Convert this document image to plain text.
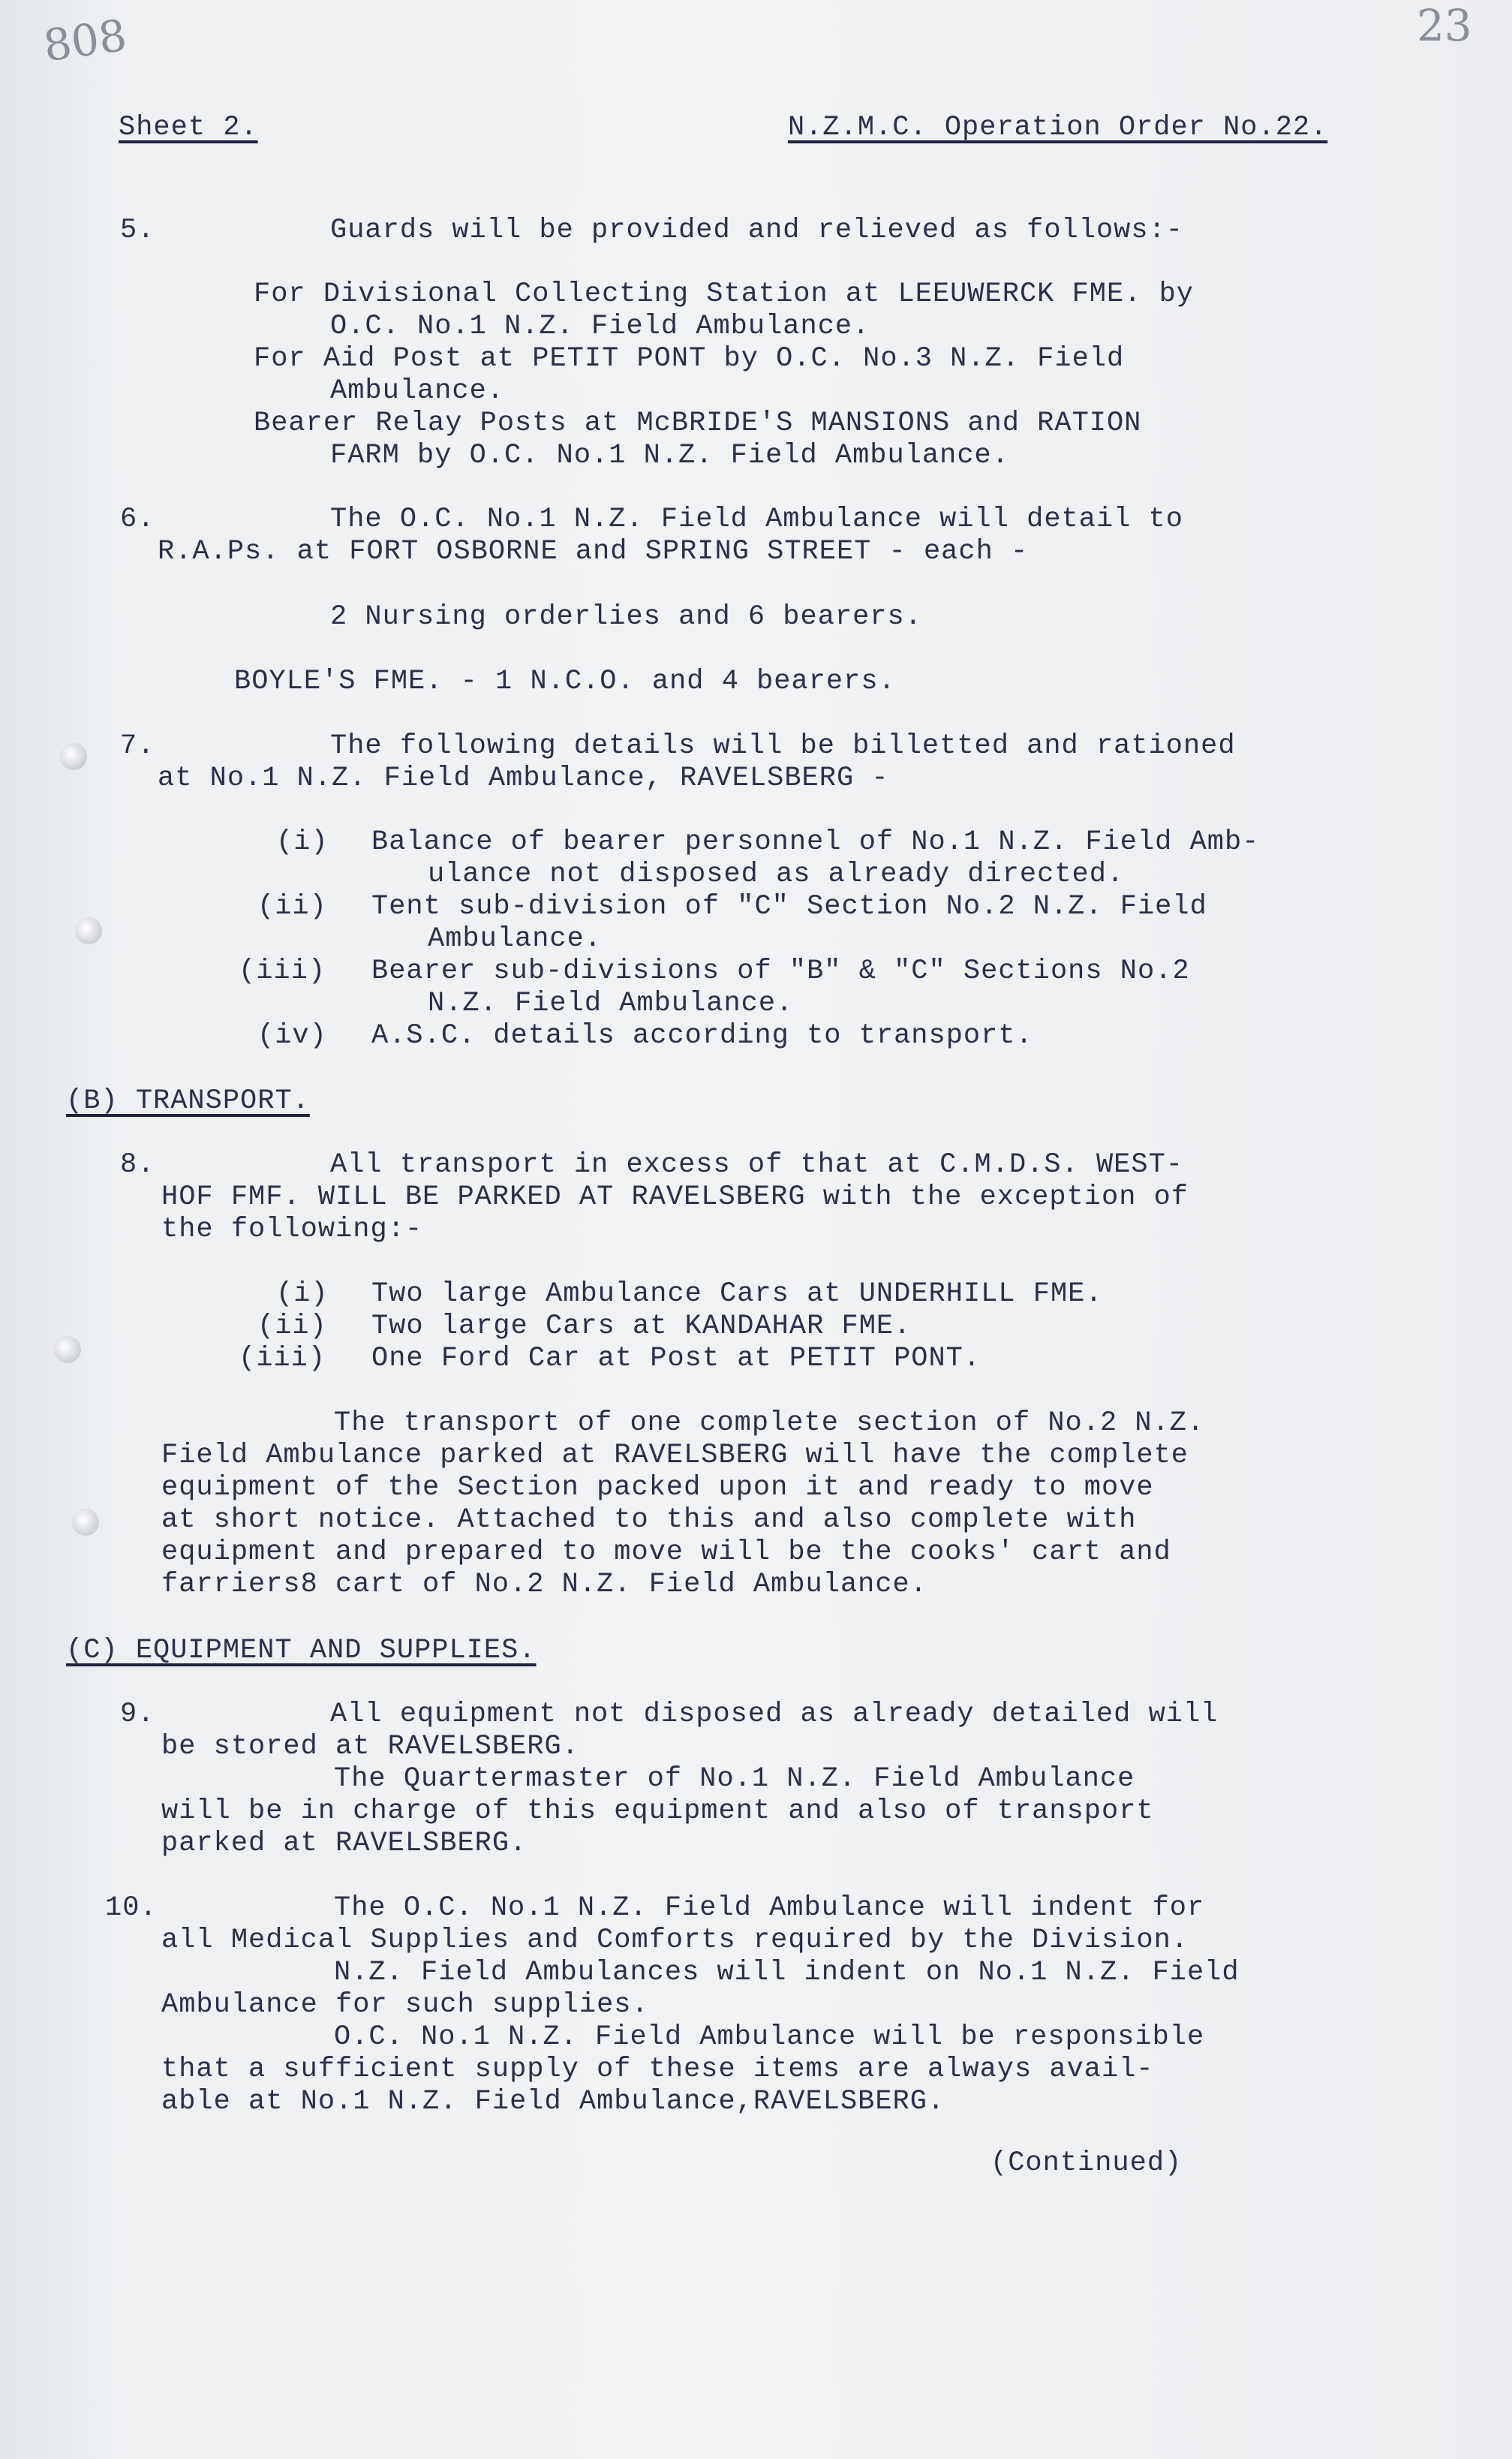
808	23
Sheet 2.	N.Z.M.C. Operation Order No.22.
5.	Guards will be provided and relieved as follows:-
For Divisional Collecting Station at LEEUWERCK FME. by
O.C. No.1 N.Z. Field Ambulance.
For Aid Post at PETIT PONT by O.C. No.3 N.Z. Field
Ambulance.
Bearer Relay Posts at McBRIDE'S MANSIONS and RATION
FARM by O.C. No.1 N.Z. Field Ambulance.
6.	The O.C. No.1 N.Z. Field Ambulance will detail to
R.A.Ps. at FORT OSBORNE and SPRING STREET - each -
2 Nursing orderlies and 6 bearers.
BOYLE'S FME. - 1 N.C.O. and 4 bearers.
7.	The following details will be billetted and rationed
at No.1 N.Z. Field Ambulance, RAVELSBERG -
(i) Balance of bearer personnel of No.1 N.Z. Field Amb-
ulance not disposed as already directed.
(ii) Tent sub-division of "C" Section No.2 N.Z. Field
Ambulance.
(iii) Bearer sub-divisions of "B" & "C" Sections No.2
N.Z. Field Ambulance.
(iv) A.S.C. details according to transport.
(B) TRANSPORT.
8.	All transport in excess of that at C.M.D.S. WEST-
HOF FMF. WILL BE PARKED AT RAVELSBERG with the exception of
the following:-
(i) Two large Ambulance Cars at UNDERHILL FME.
(ii) Two large Cars at KANDAHAR FME.
(iii) One Ford Car at Post at PETIT PONT.
The transport of one complete section of No.2 N.Z.
Field Ambulance parked at RAVELSBERG will have the complete
equipment of the Section packed upon it and ready to move
at short notice. Attached to this and also complete with
equipment and prepared to move will be the cooks' cart and
farriers8 cart of No.2 N.Z. Field Ambulance.
(C) EQUIPMENT AND SUPPLIES.
9.	All equipment not disposed as already detailed will
be stored at RAVELSBERG.
The Quartermaster of No.1 N.Z. Field Ambulance
will be in charge of this equipment and also of transport
parked at RAVELSBERG.
10.	The O.C. No.1 N.Z. Field Ambulance will indent for
all Medical Supplies and Comforts required by the Division.
N.Z. Field Ambulances will indent on No.1 N.Z. Field
Ambulance for such supplies.
O.C. No.1 N.Z. Field Ambulance will be responsible
that a sufficient supply of these items are always avail-
able at No.1 N.Z. Field Ambulance,RAVELSBERG.
(Continued)
